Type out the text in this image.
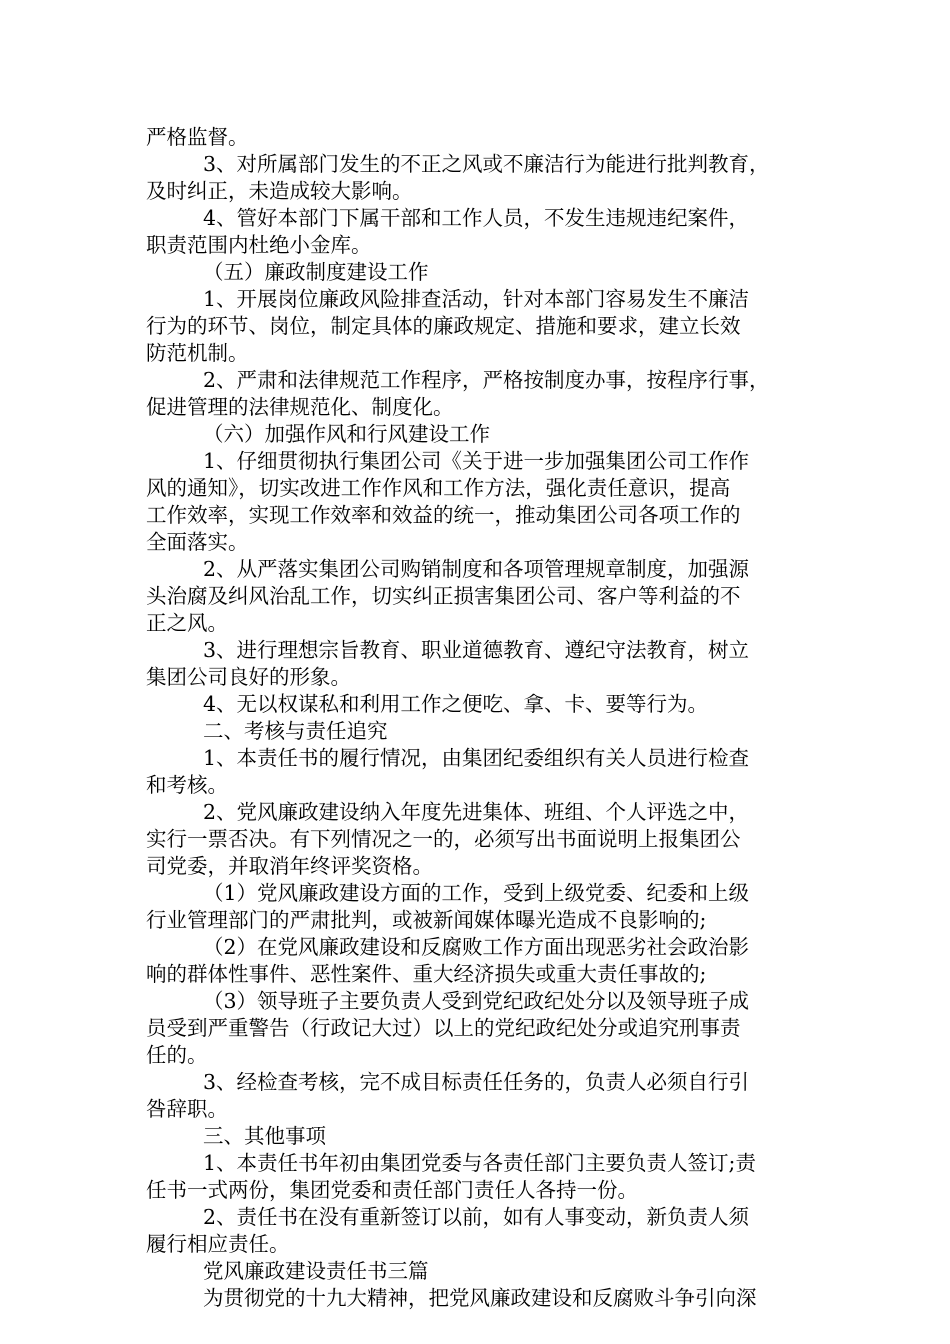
严格监督。
3、对所属部门发生的不正之风或不廉洁行为能进行批判教育，
及时纠正，未造成较大影响。
4、管好本部门下属干部和工作人员，不发生违规违纪案件，
职责范围内杜绝小金库。
（五）廉政制度建设工作
1、开展岗位廉政风险排查活动，针对本部门容易发生不廉洁
行为的环节、岗位，制定具体的廉政规定、措施和要求，建立长效
防范机制。
2、严肃和法律规范工作程序，严格按制度办事，按程序行事，
促进管理的法律规范化、制度化。
（六）加强作风和行风建设工作
1、仔细贯彻执行集团公司《关于进一步加强集团公司工作作
风的通知》，切实改进工作作风和工作方法，强化责任意识，提高
工作效率，实现工作效率和效益的统一，推动集团公司各项工作的
全面落实。
2、从严落实集团公司购销制度和各项管理规章制度，加强源
头治腐及纠风治乱工作，切实纠正损害集团公司、客户等利益的不
正之风。
3、进行理想宗旨教育、职业道德教育、遵纪守法教育，树立
集团公司良好的形象。
4、无以权谋私和利用工作之便吃、拿、卡、要等行为。
二、考核与责任追究
1、本责任书的履行情况，由集团纪委组织有关人员进行检查
和考核。
2、党风廉政建设纳入年度先进集体、班组、个人评选之中，
实行一票否决。有下列情况之一的，必须写出书面说明上报集团公
司党委，并取消年终评奖资格。
（1）党风廉政建设方面的工作，受到上级党委、纪委和上级
行业管理部门的严肃批判，或被新闻媒体曝光造成不良影响的;
（2）在党风廉政建设和反腐败工作方面出现恶劣社会政治影
响的群体性事件、恶性案件、重大经济损失或重大责任事故的;
（3）领导班子主要负责人受到党纪政纪处分以及领导班子成
员受到严重警告（行政记大过）以上的党纪政纪处分或追究刑事责
任的。
3、经检查考核，完不成目标责任任务的，负责人必须自行引
咎辞职。
三、其他事项
1、本责任书年初由集团党委与各责任部门主要负责人签订;责
任书一式两份，集团党委和责任部门责任人各持一份。
2、责任书在没有重新签订以前，如有人事变动，新负责人须
履行相应责任。
党风廉政建设责任书三篇
为贯彻党的十九大精神，把党风廉政建设和反腐败斗争引向深
